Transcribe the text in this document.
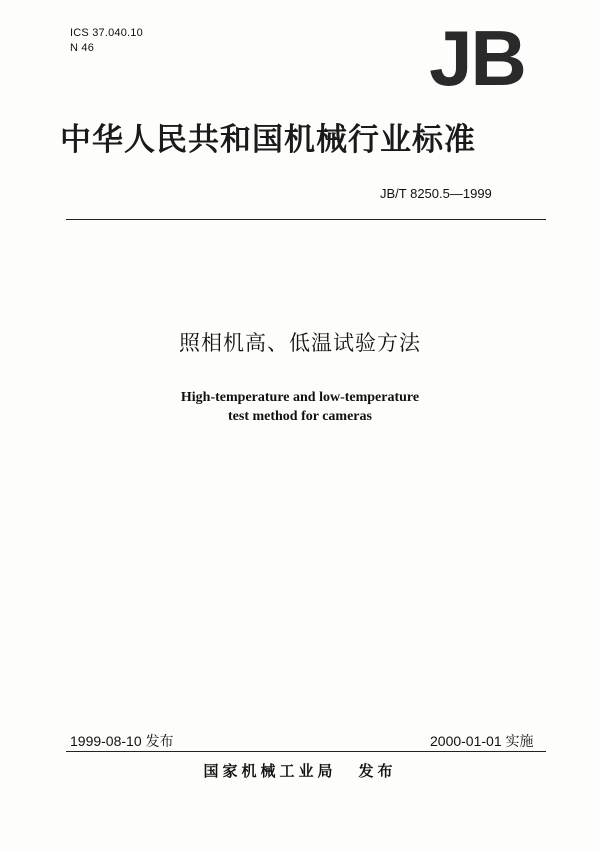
ICS 37.040.10
N 46	JB
中华人民共和国机械行业标准
JB/T 8250.5—1999
照相机高、低温试验方法
High-temperature and low-temperature
test method for cameras
1999-08-10 发布	2000-01-01 实施
国家机械工业局 发布
